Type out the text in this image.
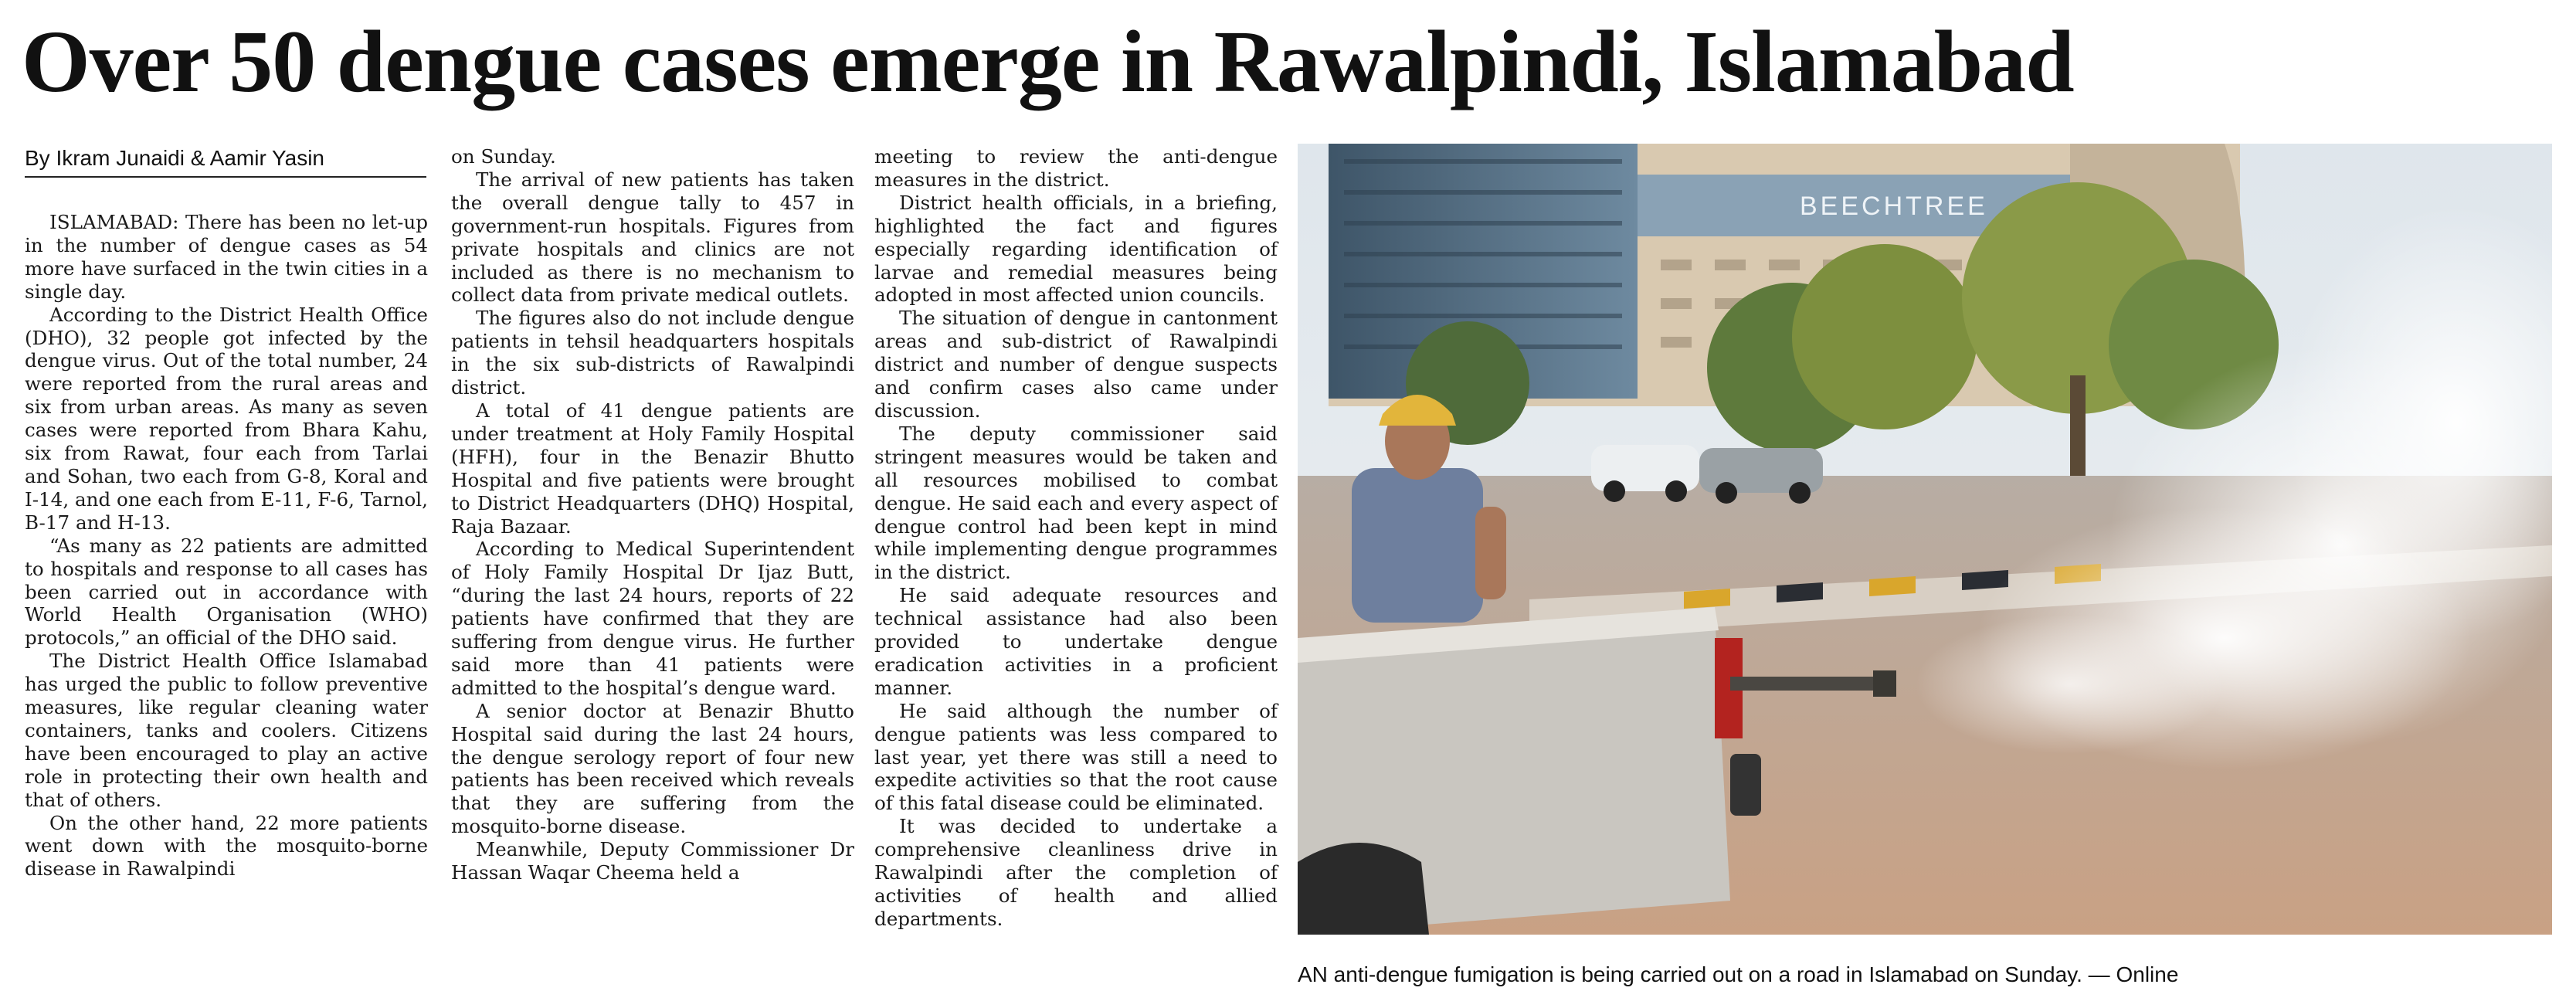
Over 50 dengue cases emerge in Rawalpindi, Islamabad
By Ikram Junaidi & Aamir Yasin

ISLAMABAD: There has been no let-up in the number of dengue cases as 54 more have surfaced in the twin cities in a single day.

According to the District Health Office (DHO), 32 people got infected by the dengue virus. Out of the total number, 24 were reported from the rural areas and six from urban areas. As many as seven cases were reported from Bhara Kahu, six from Rawat, four each from Tarlai and Sohan, two each from G-8, Koral and I-14, and one each from E-11, F-6, Tarnol, B-17 and H-13.

“As many as 22 patients are admitted to hospitals and response to all cases has been carried out in accordance with World Health Organisation (WHO) protocols,” an official of the DHO said.

The District Health Office Islamabad has urged the public to follow preventive measures, like regular cleaning water containers, tanks and coolers. Citizens have been encouraged to play an active role in protecting their own health and that of others.

On the other hand, 22 more patients went down with the mosquito-borne disease in Rawalpindi

on Sunday.

The arrival of new patients has taken the overall dengue tally to 457 in government-run hospitals. Figures from private hospitals and clinics are not included as there is no mechanism to collect data from private medical outlets.

The figures also do not include dengue patients in tehsil headquarters hospitals in the six sub-districts of Rawalpindi district.

A total of 41 dengue patients are under treatment at Holy Family Hospital (HFH), four in the Benazir Bhutto Hospital and five patients were brought to District Headquarters (DHQ) Hospital, Raja Bazaar.

According to Medical Superintendent of Holy Family Hospital Dr Ijaz Butt, “during the last 24 hours, reports of 22 patients have confirmed that they are suffering from dengue virus. He further said more than 41 patients were admitted to the hospital’s dengue ward.

A senior doctor at Benazir Bhutto Hospital said during the last 24 hours, the dengue serology report of four new patients has been received which reveals that they are suffering from the mosquito-borne disease.

Meanwhile, Deputy Commissioner Dr Hassan Waqar Cheema held a

meeting to review the anti-dengue measures in the district.

District health officials, in a briefing, highlighted the fact and figures especially regarding identification of larvae and remedial measures being adopted in most affected union councils.

The situation of dengue in cantonment areas and sub-district of Rawalpindi district and number of dengue suspects and confirm cases also came under discussion.

The deputy commissioner said stringent measures would be taken and all resources mobilised to combat dengue. He said each and every aspect of dengue control had been kept in mind while implementing dengue programmes in the district.

He said adequate resources and technical assistance had also been provided to undertake dengue eradication activities in a proficient manner.

He said although the number of dengue patients was less compared to last year, yet there was still a need to expedite activities so that the root cause of this fatal disease could be eliminated.

It was decided to undertake a comprehensive cleanliness drive in Rawalpindi after the completion of activities of health and allied departments.

BEECHTREE
AN anti-dengue fumigation is being carried out on a road in Islamabad on Sunday. — Online
